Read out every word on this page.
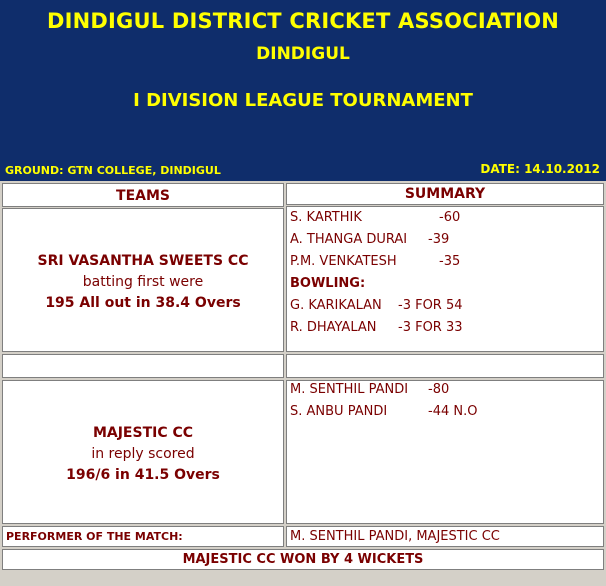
DINDIGUL DISTRICT CRICKET ASSOCIATION
DINDIGUL
I DIVISION LEAGUE TOURNAMENT
GROUND: GTN COLLEGE, DINDIGUL	DATE: 14.10.2012
TEAMS	SUMMARY
SRI VASANTHA SWEETS CC
batting first were
195 All out in 38.4 Overs
S. KARTHIK	-60
A. THANGA DURAI -39
P.M. VENKATESH	-35
BOWLING:
G. KARIKALAN -3 FOR 54
R. DHAYALAN -3 FOR 33
MAJESTIC CC
in reply scored
196/6 in 41.5 Overs
M. SENTHIL PANDI -80
S. ANBU PANDI	-44 N.O
PERFORMER OF THE MATCH:	M. SENTHIL PANDI, MAJESTIC CC
MAJESTIC CC WON BY 4 WICKETS
